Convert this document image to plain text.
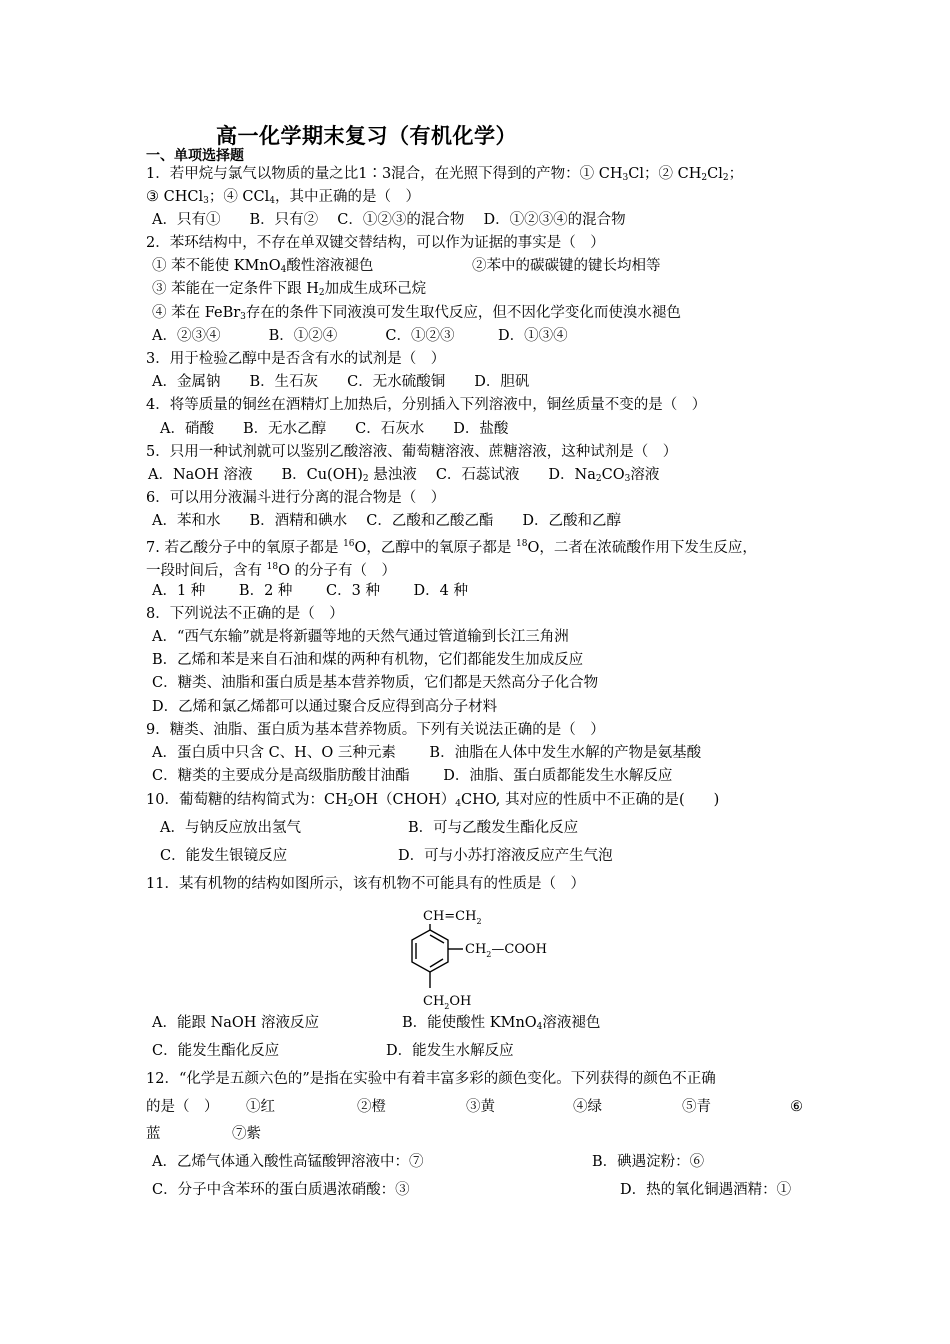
高一化学期末复习（有机化学）
一、单项选择题
1．若甲烷与氯气以物质的量之比1∶3混合，在光照下得到的产物：① $CH_3Cl$；② $CH_2Cl_2$；
③ CHCl$_3$；④ CCl$_4$，其中正确的是（　）
A．只有①　　B．只有②　 C．①②③的混合物　 D．①②③④的混合物
2．苯环结构中，不存在单双键交替结构，可以作为证据的事实是（　）
① 苯不能使 KMnO$_4$酸性溶液褪色	②苯中的碳碳键的键长均相等
③ 苯能在一定条件下跟 $H_2$加成生成环己烷
④ 苯在 FeBr$_3$存在的条件下同液溴可发生取代反应，但不因化学变化而使溴水褪色
A．②③④　　　 B．①②④　　　 C．①②③　　　D．①③④
3．用于检验乙醇中是否含有水的试剂是（　）
A．金属钠　　B．生石灰　　C．无水硫酸铜　　D．胆矾
4．将等质量的铜丝在酒精灯上加热后，分别插入下列溶液中，铜丝质量不变的是（　）
A．硝酸　　B．无水乙醇　　C．石灰水　　D．盐酸
5．只用一种试剂就可以鉴别乙酸溶液、葡萄糖溶液、蔗糖溶液，这种试剂是（　）
A．NaOH 溶液　　B．$Cu(OH)_2$ 悬浊液　 C．石蕊试液　　D．$Na_2CO_3$溶液
6．可以用分液漏斗进行分离的混合物是（　）
A．苯和水　　B．酒精和碘水　 C．乙酸和乙酸乙酯　　D．乙酸和乙醇
7. 若乙酸分子中的氧原子都是 $^{16}$O，乙醇中的氧原子都是 $^{18}$O，二者在浓硫酸作用下发生反应，
一段时间后，含有 $^{18}$O 的分子有（　）
A．1 种　　 B．2 种　　 C．3 种　　 D．4 种
8．下列说法不正确的是（　）
A．“西气东输”就是将新疆等地的天然气通过管道输到长江三角洲
B．乙烯和苯是来自石油和煤的两种有机物，它们都能发生加成反应
C．糖类、油脂和蛋白质是基本营养物质，它们都是天然高分子化合物
D．乙烯和氯乙烯都可以通过聚合反应得到高分子材料
9．糖类、油脂、蛋白质为基本营养物质。下列有关说法正确的是（　）
A．蛋白质中只含 C、H、O 三种元素　　 B．油脂在人体中发生水解的产物是氨基酸
C．糖类的主要成分是高级脂肪酸甘油酯　　 D．油脂、蛋白质都能发生水解反应
10．葡萄糖的结构简式为：$CH_2OH(CHOH)_4CHO$, 其对应的性质中不正确的是(　　)
A．与钠反应放出氢气	B．可与乙酸发生酯化反应
C．能发生银镜反应	D．可与小苏打溶液反应产生气泡
11．某有机物的结构如图所示，该有机物不可能具有的性质是（　）
$CH=CH_2$
$CH_2—COOH$
$CH_2OH$
A．能跟 NaOH 溶液反应	B．能使酸性 KMnO$_4$溶液褪色
C．能发生酯化反应	D．能发生水解反应
12．“化学是五颜六色的”是指在实验中有着丰富多彩的颜色变化。下列获得的颜色不正确
的是（　） ①红	②橙	③黄	④绿	⑤青	⑥
蓝	⑦紫
A．乙烯气体通入酸性高锰酸钾溶液中：⑦	B．碘遇淀粉：⑥
C．分子中含苯环的蛋白质遇浓硝酸：③	D．热的氧化铜遇酒精：①
